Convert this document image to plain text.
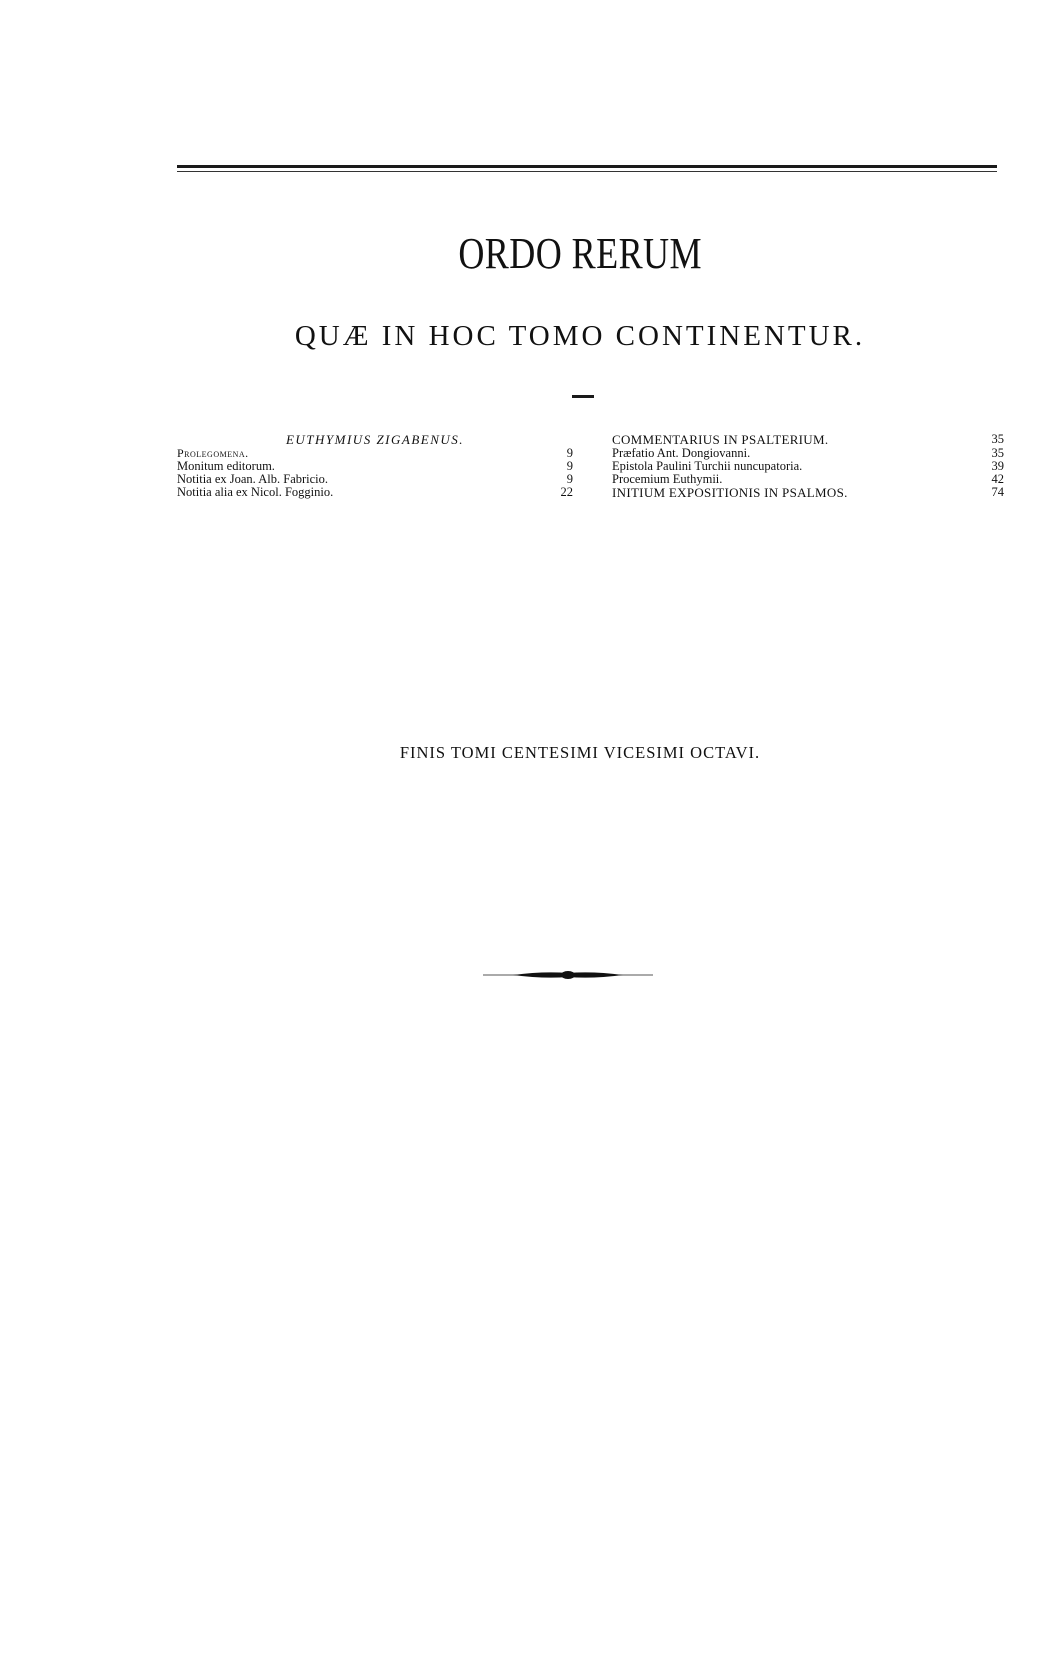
ORDO RERUM
QUÆ IN HOC TOMO CONTINENTUR.
EUTHYMIUS ZIGABENUS.
Prolegomena.	9
Monitum editorum.	9
Notitia ex Joan. Alb. Fabricio.	9
Notitia alia ex Nicol. Fogginio.	22
COMMENTARIUS IN PSALTERIUM.	35
Præfatio Ant. Dongiovanni.	35
Epistola Paulini Turchii nuncupatoria.	39
Procemium Euthymii.	42
INITIUM EXPOSITIONIS IN PSALMOS.	74

FINIS TOMI CENTESIMI VICESIMI OCTAVI.
